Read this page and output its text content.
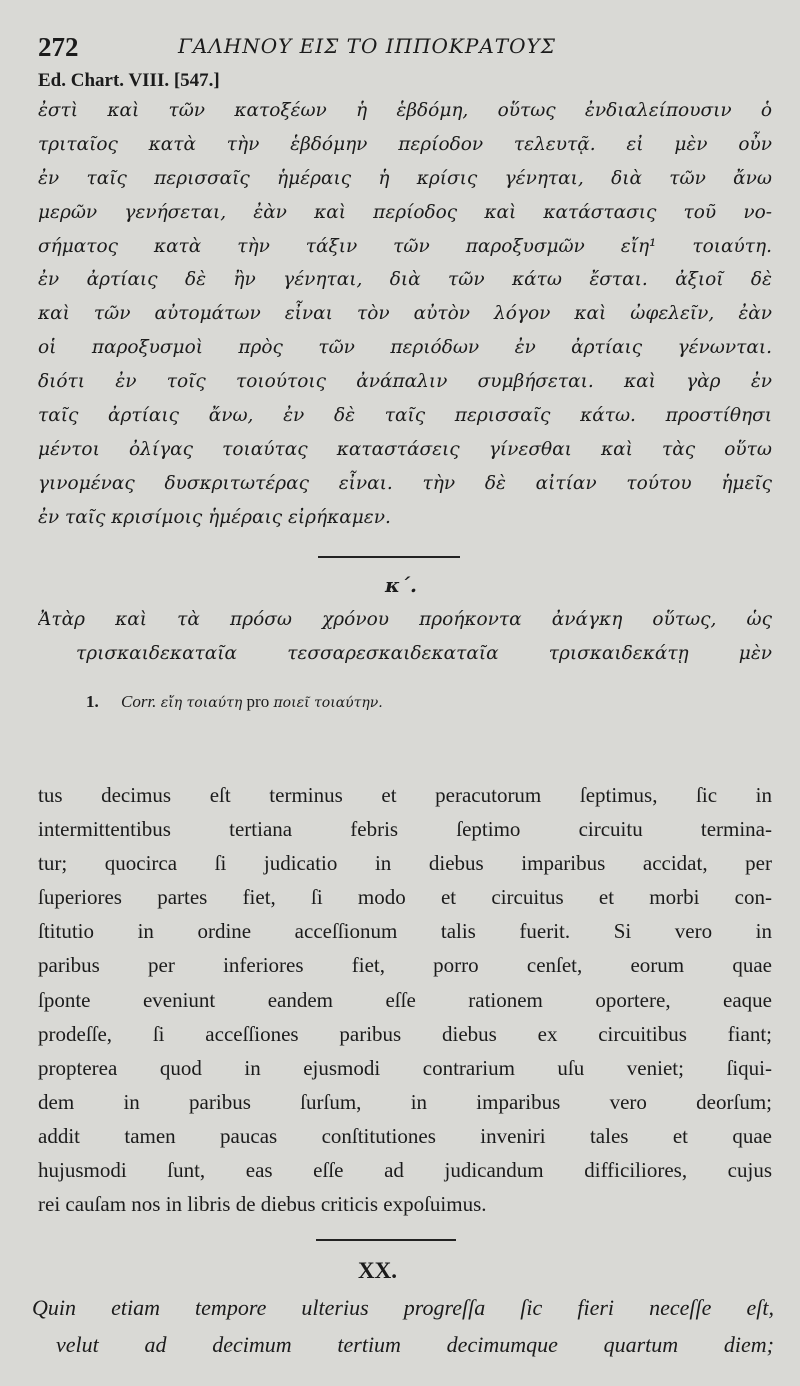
272	ΓΑΛΗΝΟΥ ΕΙΣ ΤΟ ΙΠΠΟΚΡΑΤΟΥΣ
Ed. Chart. VIII. [547.]
ἐστὶ καὶ τῶν κατοξέων ἡ ἑβδόμη, οὕτως ἐνδιαλείπουσιν ὁ
τριταῖος κατὰ τὴν ἑβδόμην περίοδον τελευτᾷ. εἰ μὲν οὖν
ἐν ταῖς περισσαῖς ἡμέραις ἡ κρίσις γένηται, διὰ τῶν ἄνω
μερῶν γενήσεται, ἐὰν καὶ περίοδος καὶ κατάστασις τοῦ νο-
σήματος κατὰ τὴν τάξιν τῶν παροξυσμῶν εἴη¹ τοιαύτη.
ἐν ἀρτίαις δὲ ἢν γένηται, διὰ τῶν κάτω ἔσται. ἀξιοῖ δὲ
καὶ τῶν αὐτομάτων εἶναι τὸν αὐτὸν λόγον καὶ ὠφελεῖν, ἐὰν
οἱ παροξυσμοὶ πρὸς τῶν περιόδων ἐν ἀρτίαις γένωνται.
διότι ἐν τοῖς τοιούτοις ἀνάπαλιν συμβήσεται. καὶ γὰρ ἐν
ταῖς ἀρτίαις ἄνω, ἐν δὲ ταῖς περισσαῖς κάτω. προστίθησι
μέντοι ὀλίγας τοιαύτας καταστάσεις γίνεσθαι καὶ τὰς οὕτω
γινομένας δυσκριτωτέρας εἶναι. τὴν δὲ αἰτίαν τούτου ἡμεῖς
ἐν ταῖς κρισίμοις ἡμέραις εἰρήκαμεν.
κ΄.
Ἀτὰρ καὶ τὰ πρόσω χρόνου προήκοντα ἀνάγκη οὕτως, ὡς
τρισκαιδεκαταῖα τεσσαρεσκαιδεκαταῖα τρισκαιδεκάτῃ μὲν
1. Corr. εἴη τοιαύτη pro ποιεῖ τοιαύτην.
tus decimus eſt terminus et peracutorum ſeptimus, ſic in
intermittentibus tertiana febris ſeptimo circuitu termina-
tur; quocirca ſi judicatio in diebus imparibus accidat, per
ſuperiores partes fiet, ſi modo et circuitus et morbi con-
ſtitutio in ordine acceſſionum talis fuerit. Si vero in
paribus per inferiores fiet, porro cenſet, eorum quae
ſponte eveniunt eandem eſſe rationem oportere, eaque
prodeſſe, ſi acceſſiones paribus diebus ex circuitibus fiant;
propterea quod in ejusmodi contrarium uſu veniet; ſiqui-
dem in paribus ſurſum, in imparibus vero deorſum;
addit tamen paucas conſtitutiones inveniri tales et quae
hujusmodi ſunt, eas eſſe ad judicandum difficiliores, cujus
rei cauſam nos in libris de diebus criticis expoſuimus.
XX.
Quin etiam tempore ulterius progreſſa ſic fieri neceſſe eſt,
velut ad decimum tertium decimumque quartum diem;
